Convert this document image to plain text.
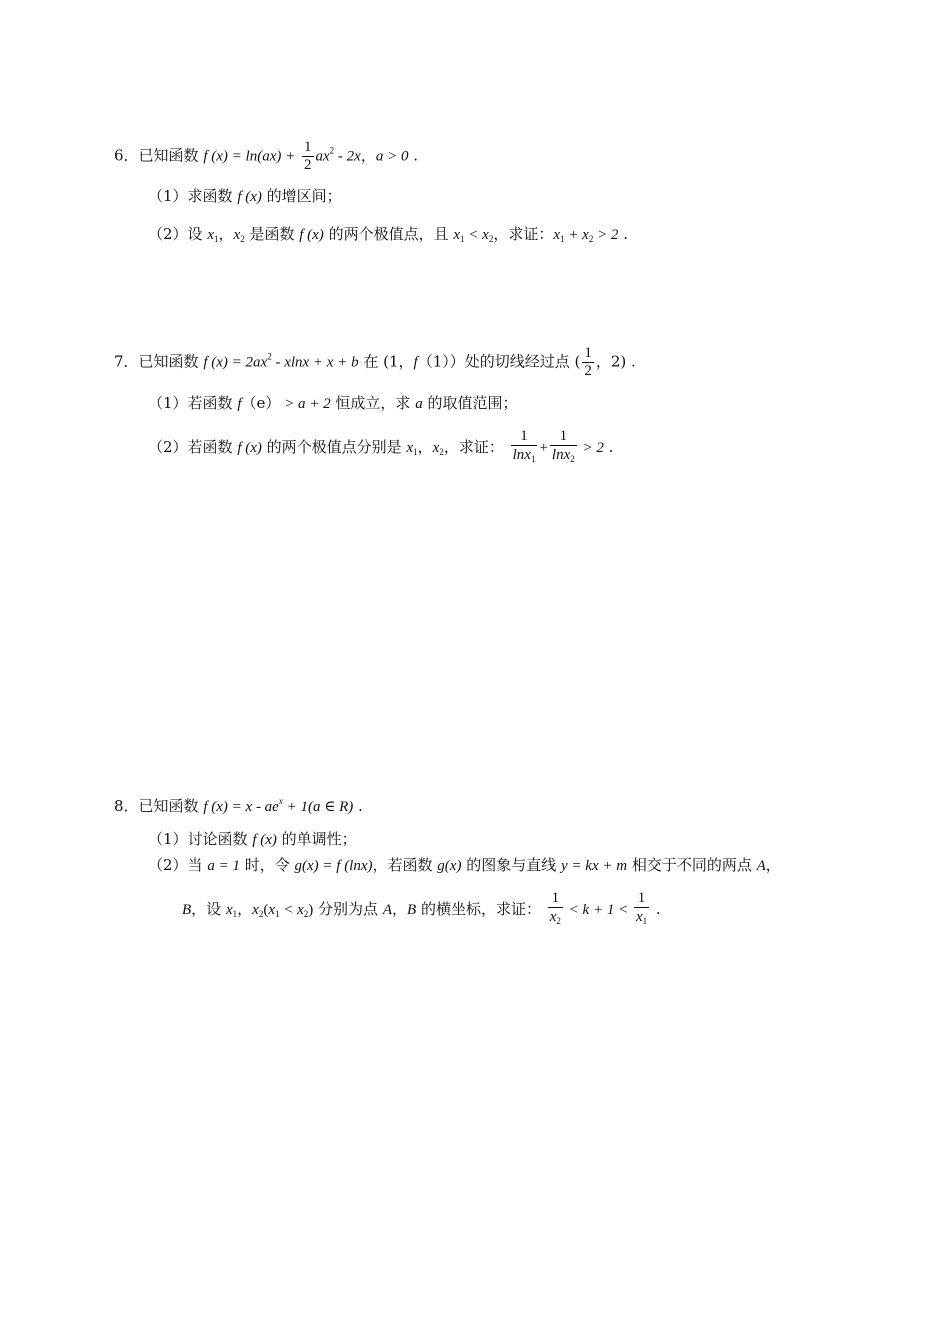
6．已知函数 f $(x) = \ln(ax) + \frac{1}{2} ax^2 - 2x$，a > 0 .
（1）求函数 f (x) 的增区间；
（2）设 $x_1$，$x_2$ 是函数 f (x) 的两个极值点，且 $x_1 < x_2$，求证：$x_1 + x_2 > 2$ .
7．已知函数 f $(x) = 2ax^2 - xlnx + x + b$ 在 (1，f（1））处的切线经过点 ( $\frac{1}{2}$ ，2) .
（1）若函数 f（e） > a + 2 恒成立，求 a 的取值范围；
（2）若函数 f (x) 的两个极值点分别是 $x_1$，$x_2$，求证： $\frac{1}{\ln x_1} + \frac{1}{\ln x_2} > 2$ .
8．已知函数 f $(x) = x - ae^x + 1(a$ ∈ R) .
（1）讨论函数 f (x) 的单调性；
（2）当 a = 1 时，令 g(x) = f (lnx)，若函数 g(x) 的图象与直线 y = kx + m 相交于不同的两点 A，
B，设 $x_1$，$x_2(x_1 < x_2)$ 分别为点 A，B 的横坐标，求证： $\frac{1}{x_2} < k + 1 < \frac{1}{x_1}$ .
